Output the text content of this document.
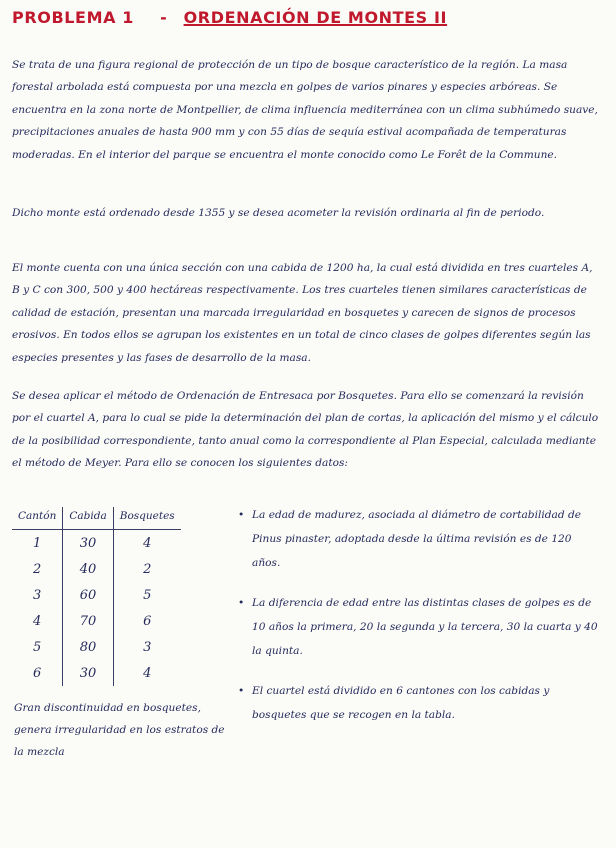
PROBLEMA 1 - ORDENACIÓN DE MONTES II

Se trata de una figura regional de protección de un tipo de bosque característico de la región. La masa forestal arbolada está compuesta por una mezcla en golpes de varios pinares y especies arbóreas. Se encuentra en la zona norte de Montpellier, de clima influencia mediterránea con un clima subhúmedo suave, precipitaciones anuales de hasta 900 mm y con 55 días de sequía estival acompañada de temperaturas moderadas. En el interior del parque se encuentra el monte conocido como Le Forêt de la Commune.

Dicho monte está ordenado desde 1355 y se desea acometer la revisión ordinaria al fin de periodo.

El monte cuenta con una única sección con una cabida de 1200 ha, la cual está dividida en tres cuarteles A, B y C con 300, 500 y 400 hectáreas respectivamente. Los tres cuarteles tienen similares características de calidad de estación, presentan una marcada irregularidad en bosquetes y carecen de signos de procesos erosivos. En todos ellos se agrupan los existentes en un total de cinco clases de golpes diferentes según las especies presentes y las fases de desarrollo de la masa.

Se desea aplicar el método de Ordenación de Entresaca por Bosquetes. Para ello se comenzará la revisión por el cuartel A, para lo cual se pide la determinación del plan de cortas, la aplicación del mismo y el cálculo de la posibilidad correspondiente, tanto anual como la correspondiente al Plan Especial, calculada mediante el método de Meyer. Para ello se conocen los siguientes datos:

Cantón	Cabida	Bosquetes
1	30	4
2	40	2
3	60	5
4	70	6
5	80	3
6	30	4

Gran discontinuidad en bosquetes, genera irregularidad en los estratos de la mezcla

• La edad de madurez, asociada al diámetro de cortabilidad de Pinus pinaster, adoptada desde la última revisión es de 120 años.
• La diferencia de edad entre las distintas clases de golpes es de 10 años la primera, 20 la segunda y la tercera, 30 la cuarta y 40 la quinta.
• El cuartel está dividido en 6 cantones con los cabidas y bosquetes que se recogen en la tabla.
